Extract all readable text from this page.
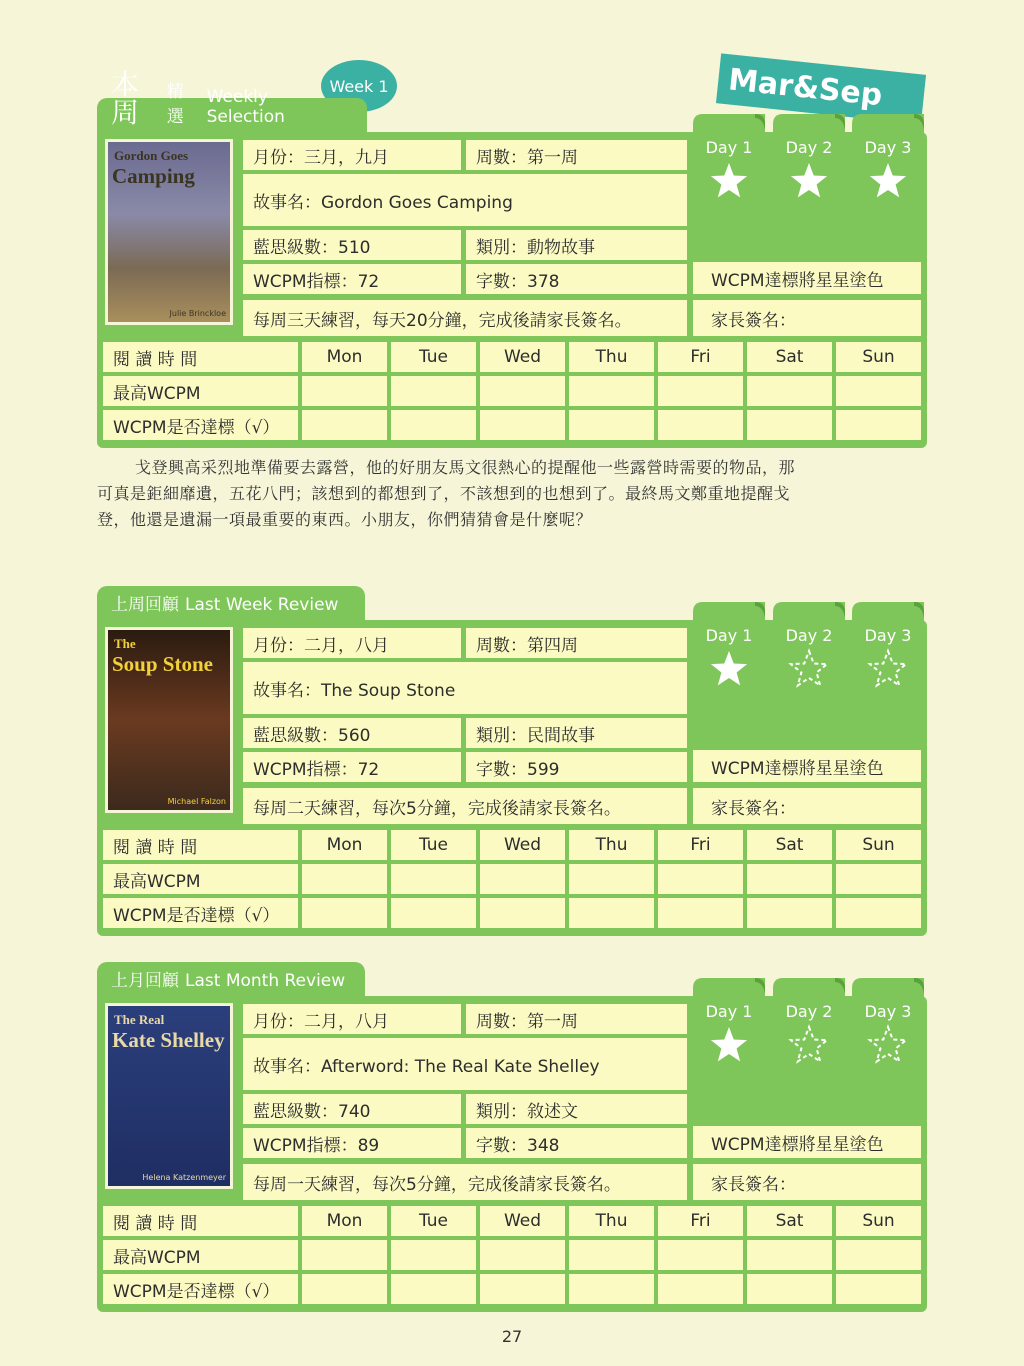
Mar&Sep
Week 1
本周
精選
Weekly Selection
Gordon Goes
Camping
Julie Brinckloe
月份：三月，九月	周數：第一周
故事名：Gordon Goes Camping
藍思級數：510	類別：動物故事
WCPM指標：72	字數：378
每周三天練習，每天20分鐘，完成後請家長簽名。
WCPM達標將星星塗色
家長簽名：
Day 1	Day 2	Day 3
閱 讀 時 間	Mon	Tue	Wed	Thu	Fri	Sat	Sun
最高WCPM
WCPM是否達標（√）
上周回顧 Last Week Review
The
Soup Stone
Michael Falzon
月份：二月，八月	周數：第四周
故事名：The Soup Stone
藍思級數：560	類別：民間故事
WCPM指標：72	字數：599
每周二天練習，每次5分鐘，完成後請家長簽名。
WCPM達標將星星塗色
家長簽名：
Day 1	Day 2	Day 3
閱 讀 時 間	Mon	Tue	Wed	Thu	Fri	Sat	Sun
最高WCPM
WCPM是否達標（√）
上月回顧 Last Month Review
The Real
Kate Shelley
Helena Katzenmeyer
月份：二月，八月	周數：第一周
故事名：Afterword: The Real Kate Shelley
藍思級數：740	類別：敘述文
WCPM指標：89	字數：348
每周一天練習，每次5分鐘，完成後請家長簽名。
WCPM達標將星星塗色
家長簽名：
Day 1	Day 2	Day 3
閱 讀 時 間	Mon	Tue	Wed	Thu	Fri	Sat	Sun
最高WCPM
WCPM是否達標（√）
戈登興高采烈地準備要去露營，他的好朋友馬文很熱心的提醒他一些露營時需要的物品，那
可真是鉅細靡遺，五花八門；該想到的都想到了，不該想到的也想到了。最終馬文鄭重地提醒戈
登，他還是遺漏一項最重要的東西。小朋友，你們猜猜會是什麼呢？
27
